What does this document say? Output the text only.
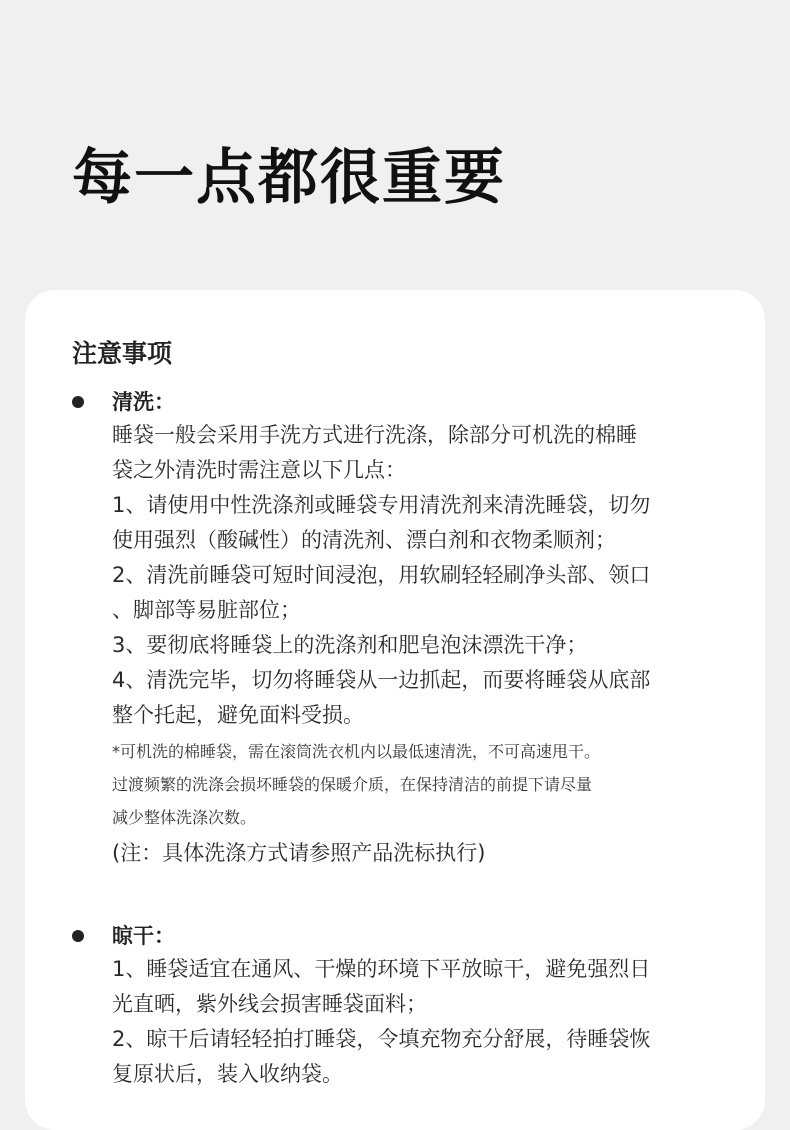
每一点都很重要
注意事项
清洗：
睡袋一般会采用手洗方式进行洗涤，除部分可机洗的棉睡
袋之外清洗时需注意以下几点：
1、请使用中性洗涤剂或睡袋专用清洗剂来清洗睡袋，切勿
使用强烈（酸碱性）的清洗剂、漂白剂和衣物柔顺剂；
2、清洗前睡袋可短时间浸泡，用软刷轻轻刷净头部、领口
、脚部等易脏部位；
3、要彻底将睡袋上的洗涤剂和肥皂泡沫漂洗干净；
4、清洗完毕，切勿将睡袋从一边抓起，而要将睡袋从底部
整个托起，避免面料受损。
*可机洗的棉睡袋，需在滚筒洗衣机内以最低速清洗，不可高速甩干。
过渡频繁的洗涤会损坏睡袋的保暖介质，在保持清洁的前提下请尽量
减少整体洗涤次数。
(注：具体洗涤方式请参照产品洗标执行)
晾干：
1、睡袋适宜在通风、干燥的环境下平放晾干，避免强烈日
光直晒，紫外线会损害睡袋面料；
2、晾干后请轻轻拍打睡袋，令填充物充分舒展，待睡袋恢
复原状后，装入收纳袋。
